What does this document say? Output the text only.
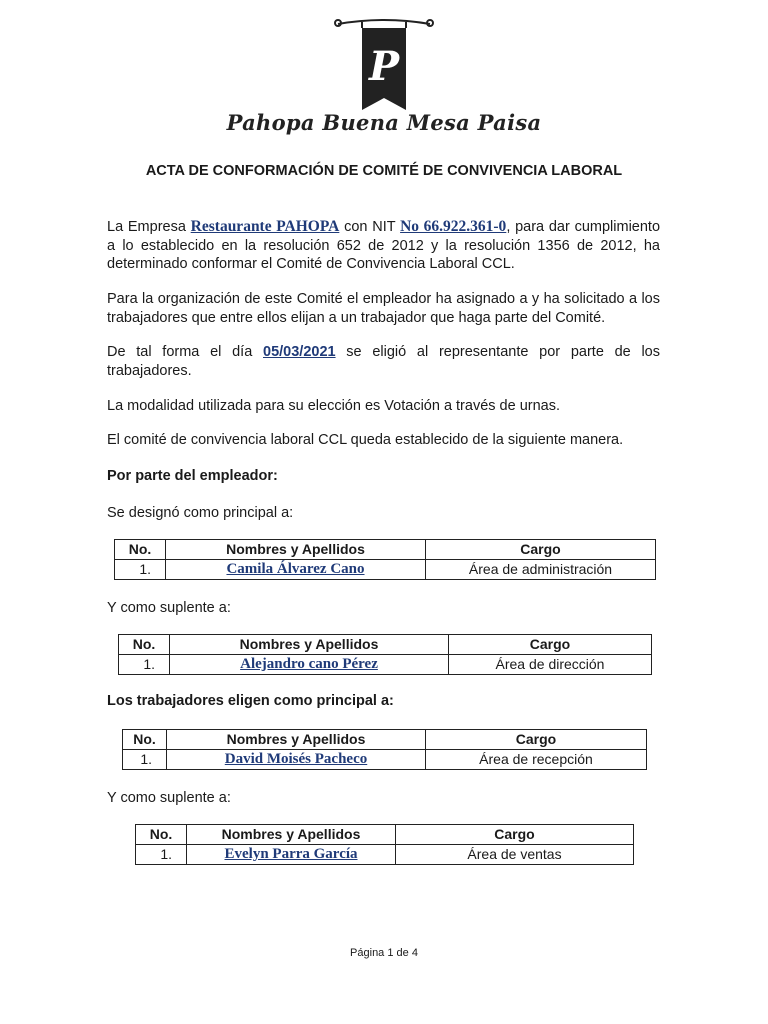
P
Pahopa Buena Mesa Paisa
ACTA DE CONFORMACIÓN DE COMITÉ DE CONVIVENCIA LABORAL
La Empresa Restaurante PAHOPA con NIT No 66.922.361-0, para dar cumplimiento a lo establecido en la resolución 652 de 2012 y la resolución 1356 de 2012, ha determinado conformar el Comité de Convivencia Laboral CCL.
Para la organización de este Comité el empleador ha asignado a y ha solicitado a los trabajadores que entre ellos elijan a un trabajador que haga parte del Comité.
De tal forma el día 05/03/2021 se eligió al representante por parte de los trabajadores.
La modalidad utilizada para su elección es Votación a través de urnas.
El comité de convivencia laboral CCL queda establecido de la siguiente manera.
Por parte del empleador:
Se designó como principal a:
No.	Nombres y Apellidos	Cargo
1.	Camila Álvarez Cano	Área de administración
Y como suplente a:
No.	Nombres y Apellidos	Cargo
1.	Alejandro cano Pérez	Área de dirección
Los trabajadores eligen como principal a:
No.	Nombres y Apellidos	Cargo
1.	David Moisés Pacheco	Área de recepción
Y como suplente a:
No.	Nombres y Apellidos	Cargo
1.	Evelyn Parra García	Área de ventas
Página 1 de 4
